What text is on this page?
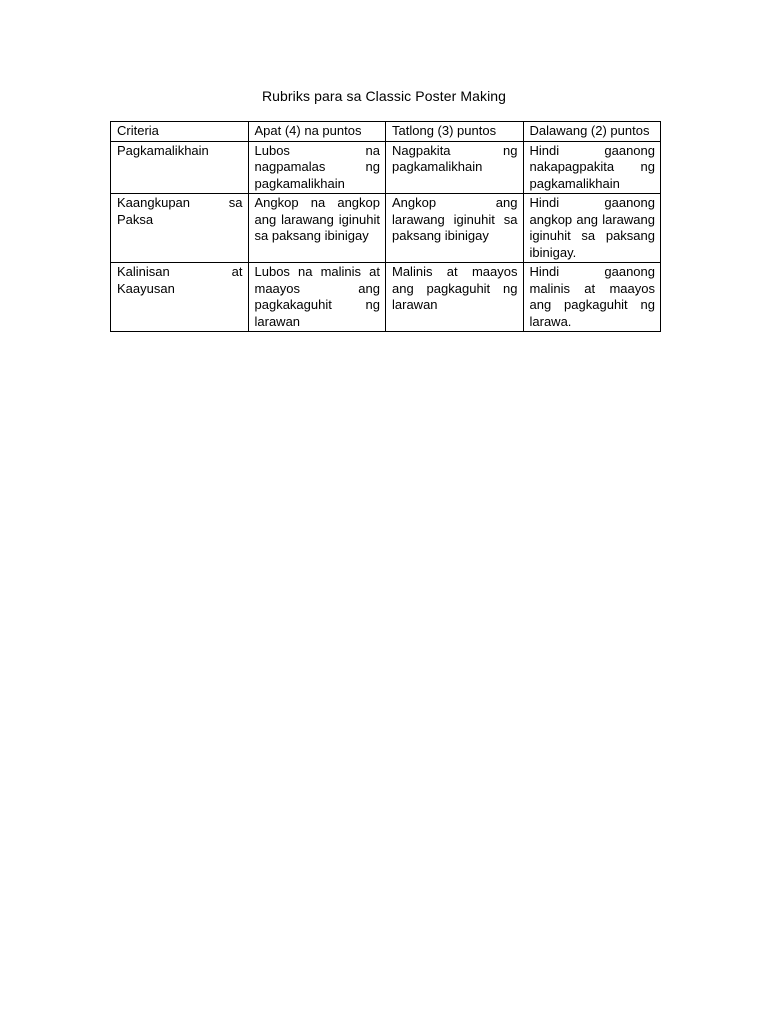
Rubriks para sa Classic Poster Making
Criteria	Apat (4) na puntos	Tatlong (3) puntos	Dalawang (2) puntos
Pagkamalikhain	Lubos na nagpamalas ng pagkamalikhain	Nagpakita ng pagkamalikhain	Hindi gaanong nakapagpakita ng pagkamalikhain
Kaangkupan sa Paksa	Angkop na angkop ang larawang iginuhit sa paksang ibinigay	Angkop ang larawang iginuhit sa paksang ibinigay	Hindi gaanong angkop ang larawang iginuhit sa paksang ibinigay.
Kalinisan at Kaayusan	Lubos na malinis at maayos ang pagkakaguhit ng larawan	Malinis at maayos ang pagkaguhit ng larawan	Hindi gaanong malinis at maayos ang pagkaguhit ng larawa.
